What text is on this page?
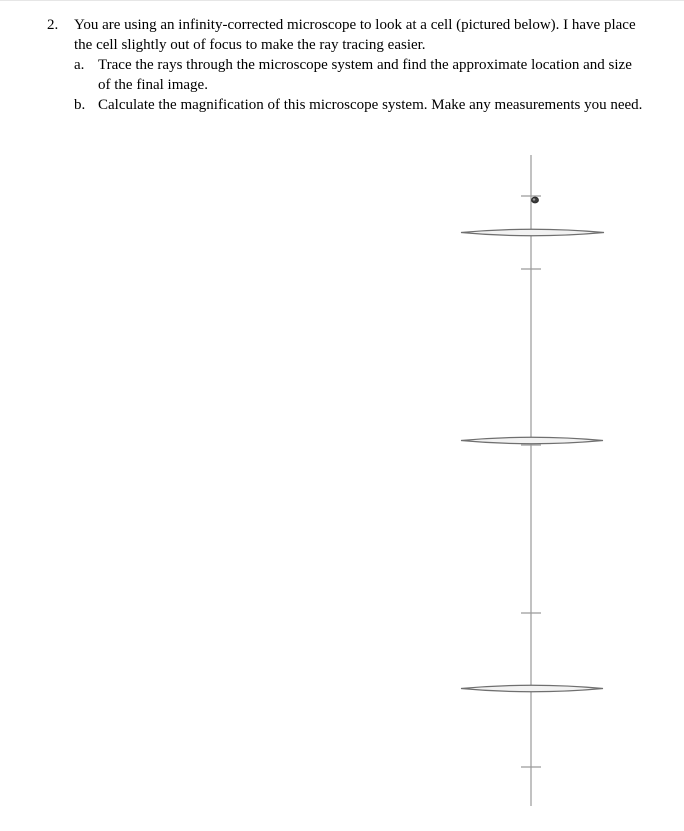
2. You are using an infinity-corrected microscope to look at a cell (pictured below). I have place the cell slightly out of focus to make the ray tracing easier.
a. Trace the rays through the microscope system and find the approximate location and size of the final image.
b. Calculate the magnification of this microscope system. Make any measurements you need.
